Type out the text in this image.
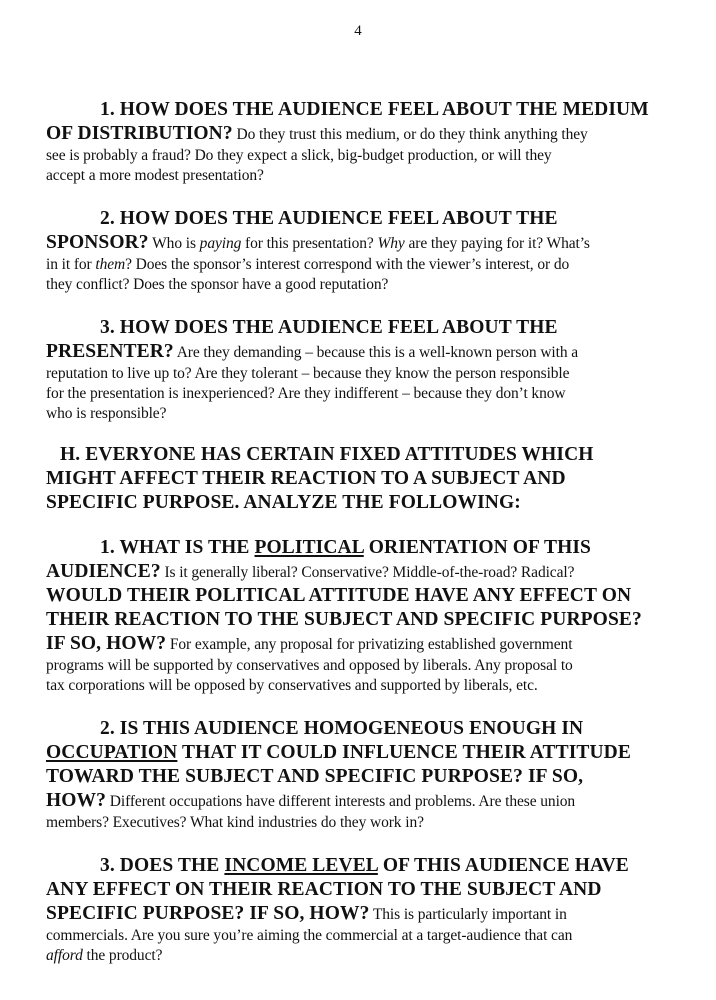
4
1. HOW DOES THE AUDIENCE FEEL ABOUT THE MEDIUM
OF DISTRIBUTION? Do they trust this medium, or do they think anything they
see is probably a fraud? Do they expect a slick, big-budget production, or will they
accept a more modest presentation?
2. HOW DOES THE AUDIENCE FEEL ABOUT THE
SPONSOR? Who is paying for this presentation? Why are they paying for it? What’s
in it for them? Does the sponsor’s interest correspond with the viewer’s interest, or do
they conflict? Does the sponsor have a good reputation?
3. HOW DOES THE AUDIENCE FEEL ABOUT THE
PRESENTER? Are they demanding – because this is a well-known person with a
reputation to live up to? Are they tolerant – because they know the person responsible
for the presentation is inexperienced? Are they indifferent – because they don’t know
who is responsible?
H. EVERYONE HAS CERTAIN FIXED ATTITUDES WHICH
MIGHT AFFECT THEIR REACTION TO A SUBJECT AND
SPECIFIC PURPOSE. ANALYZE THE FOLLOWING:
1. WHAT IS THE POLITICAL ORIENTATION OF THIS
AUDIENCE? Is it generally liberal? Conservative? Middle-of-the-road? Radical?
WOULD THEIR POLITICAL ATTITUDE HAVE ANY EFFECT ON
THEIR REACTION TO THE SUBJECT AND SPECIFIC PURPOSE?
IF SO, HOW? For example, any proposal for privatizing established government
programs will be supported by conservatives and opposed by liberals. Any proposal to
tax corporations will be opposed by conservatives and supported by liberals, etc.
2. IS THIS AUDIENCE HOMOGENEOUS ENOUGH IN
OCCUPATION THAT IT COULD INFLUENCE THEIR ATTITUDE
TOWARD THE SUBJECT AND SPECIFIC PURPOSE? IF SO,
HOW? Different occupations have different interests and problems. Are these union
members? Executives? What kind industries do they work in?
3. DOES THE INCOME LEVEL OF THIS AUDIENCE HAVE
ANY EFFECT ON THEIR REACTION TO THE SUBJECT AND
SPECIFIC PURPOSE? IF SO, HOW? This is particularly important in
commercials. Are you sure you’re aiming the commercial at a target-audience that can
afford the product?
